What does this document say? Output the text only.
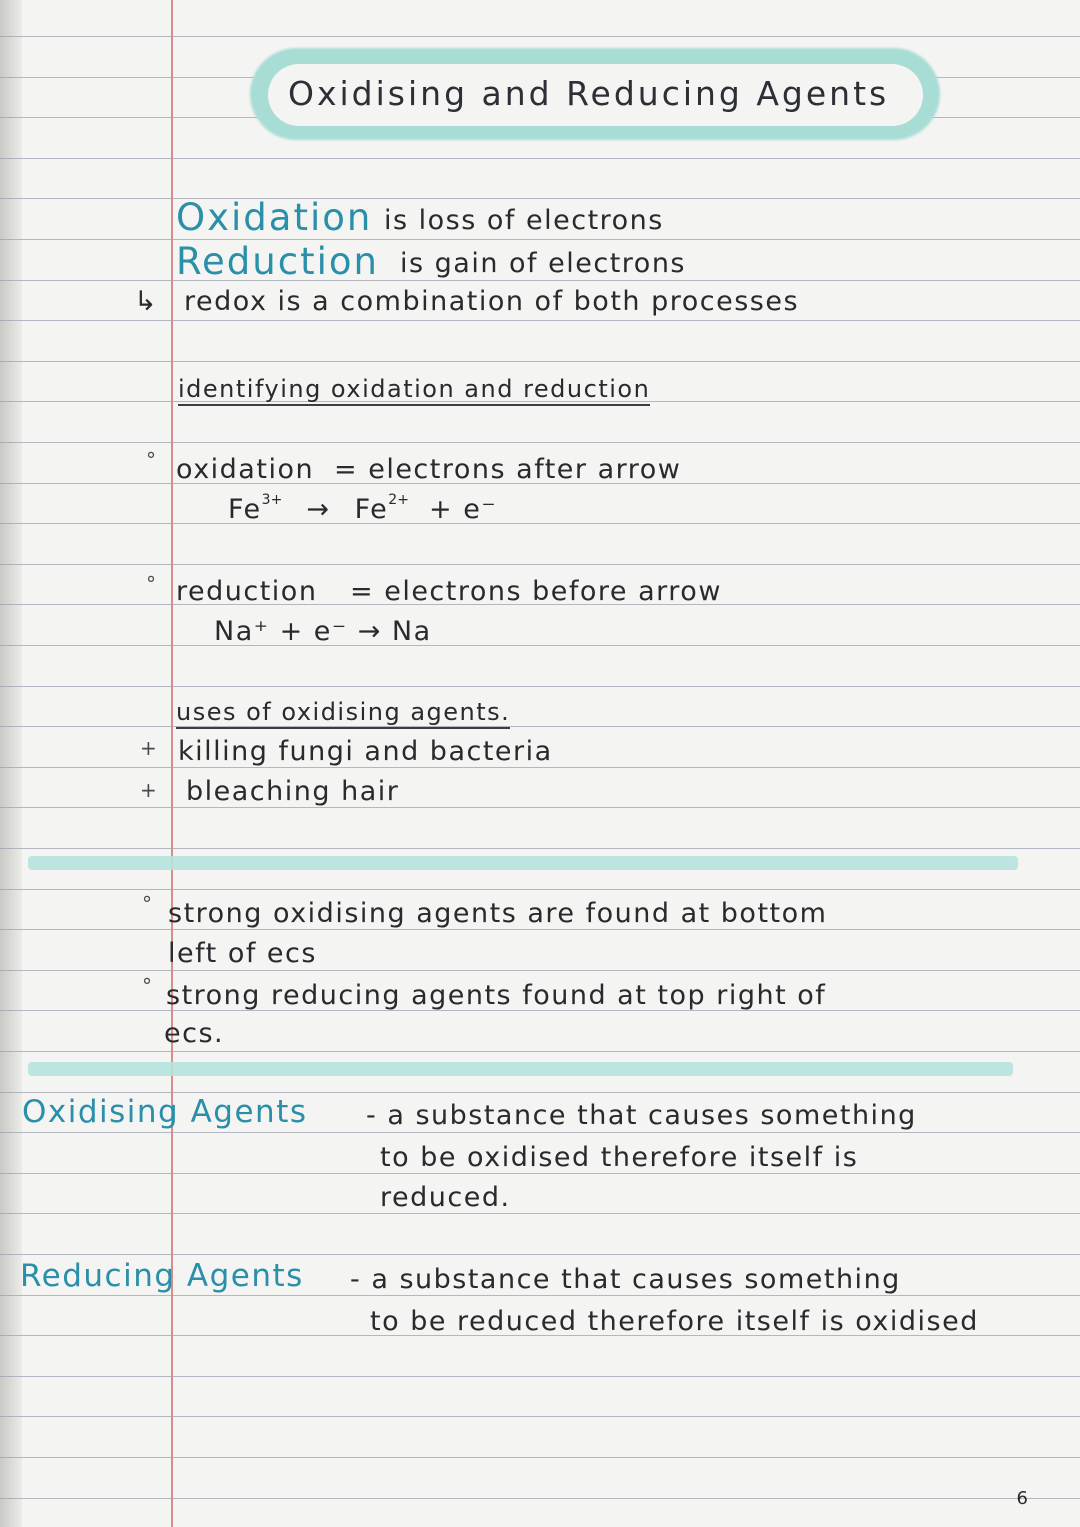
Oxidising and Reducing Agents
Oxidation is loss of electrons
Reduction is gain of electrons
↳ redox is a combination of both processes
identifying oxidation and reduction
° oxidation = electrons after arrow
$Fe^{3+} \to Fe^{2+} + e^-$
° reduction = electrons before arrow
Na⁺ + e⁻ → Na
uses of oxidising agents.
+ killing fungi and bacteria
+ bleaching hair
° strong oxidising agents are found at bottom
left of ecs
° strong reducing agents found at top right of
ecs.
Oxidising Agents - a substance that causes something
to be oxidised therefore itself is
reduced.
Reducing Agents - a substance that causes something
to be reduced therefore itself is oxidised
6
